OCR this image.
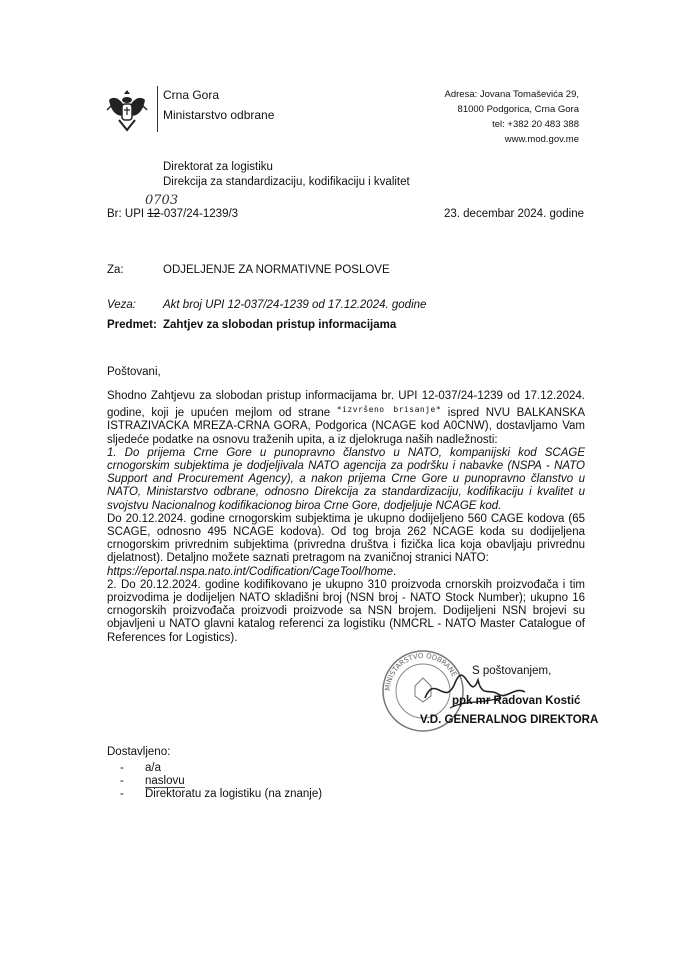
Crna Gora
Ministarstvo odbrane
Adresa: Jovana Tomaševića 29,
81000 Podgorica, Crna Gora
tel: +382 20 483 388
www.mod.gov.me
Direktorat za logistiku
Direkcija za standardizaciju, kodifikaciju i kvalitet
0703
Br: UPI 12-037/24-1239/3	23. decembar 2024. godine
Za:	ODJELJENJE ZA NORMATIVNE POSLOVE
Veza: Akt broj UPI 12-037/24-1239 od 17.12.2024. godine
Predmet: Zahtjev za slobodan pristup informacijama
Poštovani,

Shodno Zahtjevu za slobodan pristup informacijama br. UPI 12-037/24-1239 od 17.12.2024. godine, koji je upućen mejlom od strane $^{*izvršeno brisanje*}$ ispred NVU BALKANSKA ISTRAZIVACKA MREZA-CRNA GORA, Podgorica (NCAGE kod A0CNW), dostavljamo Vam sljedeće podatke na osnovu traženih upita, a iz djelokruga naših nadležnosti:

1. Do prijema Crne Gore u punopravno članstvo u NATO, kompanijski kod SCAGE crnogorskim subjektima je dodjeljivala NATO agencija za podršku i nabavke (NSPA - NATO Support and Procurement Agency), a nakon prijema Crne Gore u punopravno članstvo u NATO, Ministarstvo odbrane, odnosno Direkcija za standardizaciju, kodifikaciju i kvalitet u svojstvu Nacionalnog kodifikacionog biroa Crne Gore, dodjeljuje NCAGE kod.

Do 20.12.2024. godine crnogorskim subjektima je ukupno dodijeljeno 560 CAGE kodova (65 SCAGE, odnosno 495 NCAGE kodova). Od tog broja 262 NCAGE koda su dodijeljena crnogorskim privrednim subjektima (privredna društva i fizička lica koja obavljaju privrednu djelatnost). Detaljno možete saznati pretragom na zvaničnoj stranici NATO:

https://eportal.nspa.nato.int/Codification/CageTool/home.

2. Do 20.12.2024. godine kodifikovano je ukupno 310 proizvoda crnorskih proizvođača i tim proizvodima je dodijeljen NATO skladišni broj (NSN broj - NATO Stock Number); ukupno 16 crnogorskih proizvođača proizvodi proizvode sa NSN brojem. Dodijeljeni NSN brojevi su objavljeni u NATO glavni katalog referenci za logistiku (NMCRL - NATO Master Catalogue of References for Logistics).

MINISTARSTVO ODBRANE S poštovanjem,
ppk mr Radovan Kostić
V.D. GENERALNOG DIREKTORA
Dostavljeno:
- a/a
- naslovu
- Direktoratu za logistiku (na znanje)
